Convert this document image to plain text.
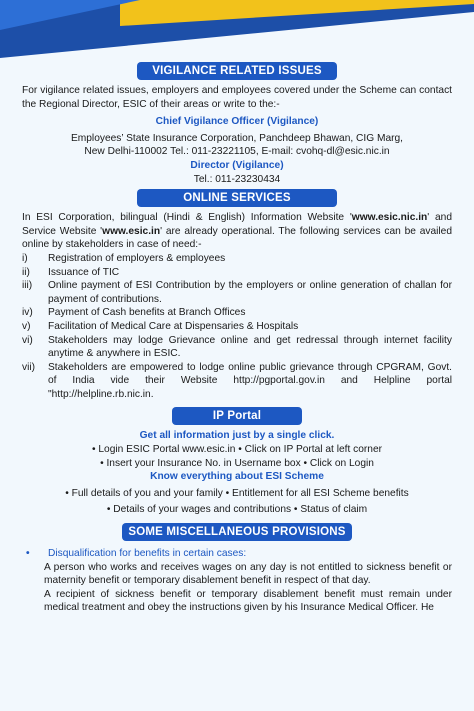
VIGILANCE RELATED ISSUES

For vigilance related issues, employers and employees covered under the Scheme can contact the Regional Director, ESIC of their areas or write to the:-

Chief Vigilance Officer (Vigilance)

Employees’ State Insurance Corporation, Panchdeep Bhawan, CIG Marg,

New Delhi-110002 Tel.: 011-23221105, E-mail: cvohq-dl@esic.nic.in

Director (Vigilance)

Tel.: 011-23230434

ONLINE SERVICES

In ESI Corporation, bilingual (Hindi & English) Information Website 'www.esic.nic.in' and Service Website 'www.esic.in' are already operational. The following services can be availed online by stakeholders in case of need:-

i)	Registration of employers & employees
ii)	Issuance of TIC
iii)	Online payment of ESI Contribution by the employers or online generation of challan for payment of contributions.
iv)	Payment of Cash benefits at Branch Offices
v)	Facilitation of Medical Care at Dispensaries & Hospitals
vi)	Stakeholders may lodge Grievance online and get redressal through internet facility anytime & anywhere in ESIC.
vii)	Stakeholders are empowered to lodge online public grievance through CPGRAM, Govt. of India vide their Website http://pgportal.gov.in and Helpline portal "http://helpline.rb.nic.in.
IP Portal

Get all information just by a single click.

• Login ESIC Portal www.esic.in • Click on IP Portal at left corner

• Insert your Insurance No. in Username box • Click on Login

Know everything about ESI Scheme

• Full details of you and your family • Entitlement for all ESI Scheme benefits

• Details of your wages and contributions • Status of claim

SOME MISCELLANEOUS PROVISIONS
•	Disqualification for benefits in certain cases:

A person who works and receives wages on any day is not entitled to sickness benefit or maternity benefit or temporary disablement benefit in respect of that day.

A recipient of sickness benefit or temporary disablement benefit must remain under medical treatment and obey the instructions given by his Insurance Medical Officer. He
